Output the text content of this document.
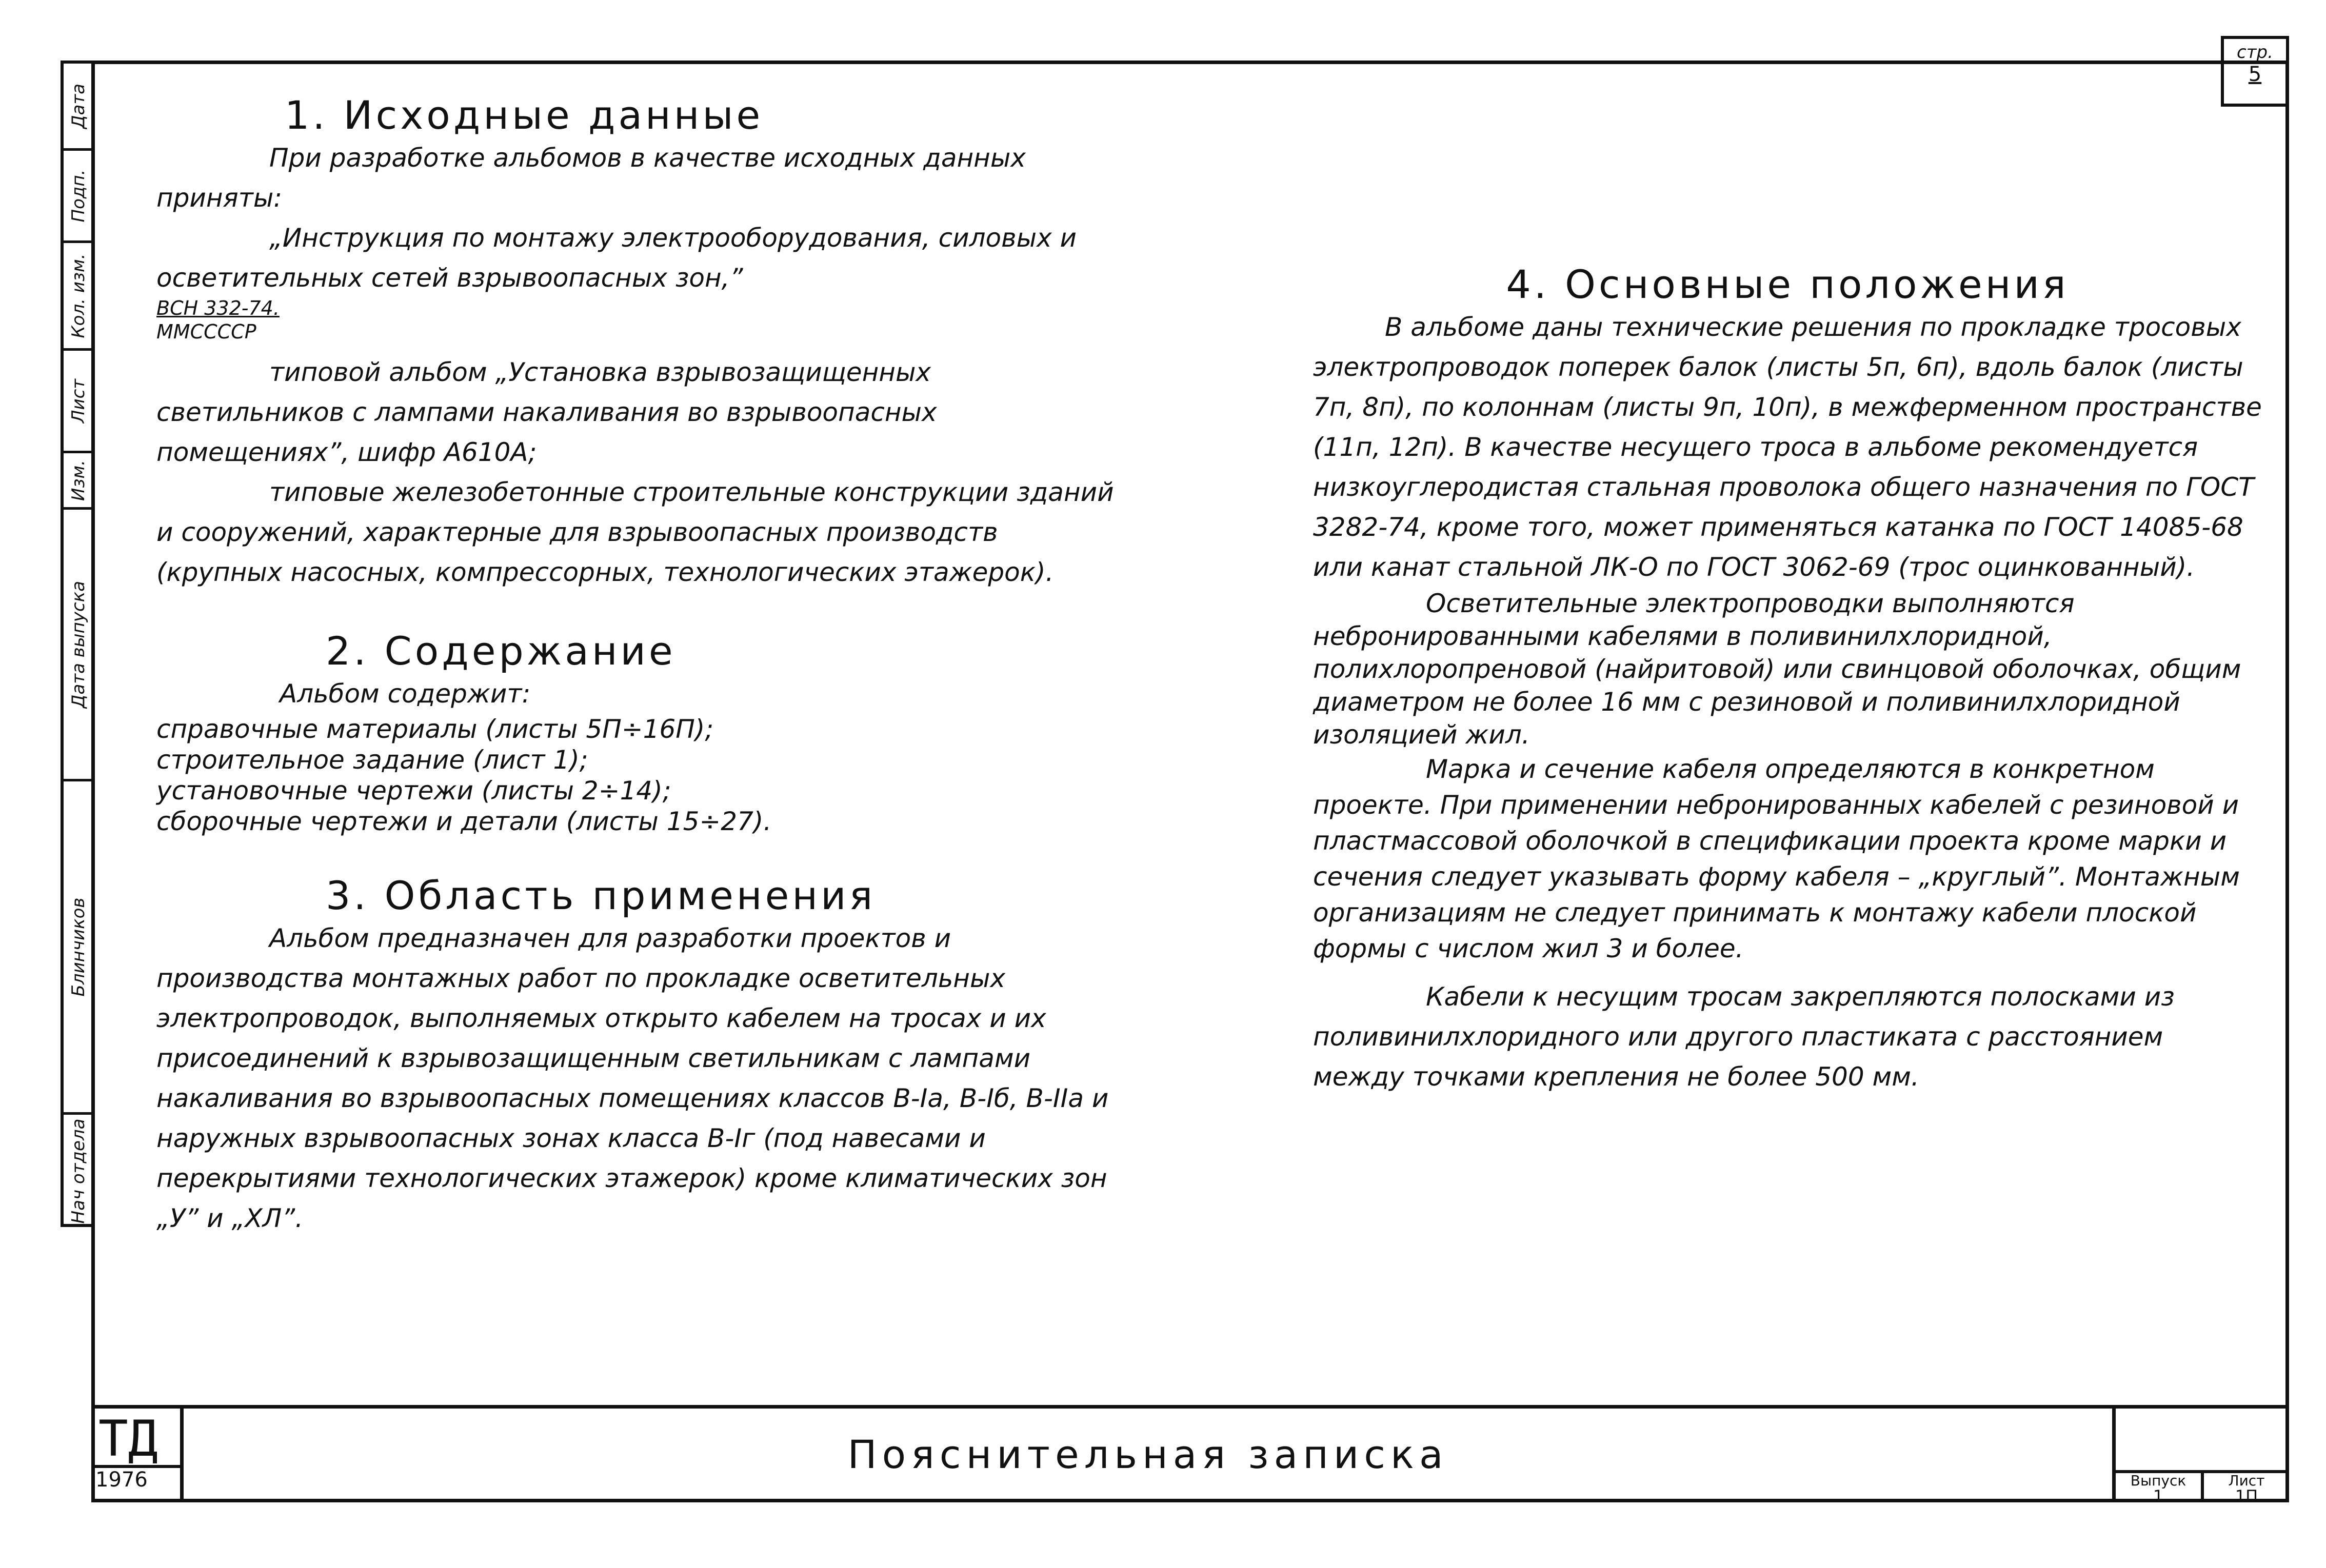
Дата
Подп.
Кол. изм.
Лист
Изм.
Дата выпуска
Блинчиков
Нач отдела
стр.
5
1. Исходные данные

При разработке альбомов в качестве исходных данных приняты:

„Инструкция по монтажу электрооборудования, силовых и осветительных сетей взрывоопасных зон,”

ВСН 332-74.

ММССССР

типовой альбом „Установка взрывозащищенных светильников с лампами накаливания во взрывоопасных помещениях”, шифр А610А;

типовые железобетонные строительные конструкции зданий и сооружений, характерные для взрывоопасных производств (крупных насосных, компрессорных, технологических этажерок).

2. Содержание

Альбом содержит:

справочные материалы (листы 5П÷16П);

строительное задание (лист 1);

установочные чертежи (листы 2÷14);

сборочные чертежи и детали (листы 15÷27).

3. Область применения

Альбом предназначен для разработки проектов и производства монтажных работ по прокладке осветительных электропроводок, выполняемых открыто кабелем на тросах и их присоединений к взрывозащищенным светильникам с лампами накаливания во взрывоопасных помещениях классов В-Іа, В-Іб, В-ІІа и наружных взрывоопасных зонах класса В-Іг (под навесами и перекрытиями технологических этажерок) кроме климатических зон „У” и „ХЛ”.

4. Основные положения

В альбоме даны технические решения по прокладке тросовых электропроводок поперек балок (листы 5п, 6п), вдоль балок (листы 7п, 8п), по колоннам (листы 9п, 10п), в межферменном пространстве (11п, 12п). В качестве несущего троса в альбоме рекомендуется низкоуглеродистая стальная проволока общего назначения по ГОСТ 3282-74, кроме того, может применяться катанка по ГОСТ 14085-68 или канат стальной ЛК-О по ГОСТ 3062-69 (трос оцинкованный).

Осветительные электропроводки выполняются небронированными кабелями в поливинилхлоридной, полихлоропреновой (найритовой) или свинцовой оболочках, общим диаметром не более 16 мм с резиновой и поливинилхлоридной изоляцией жил.

Марка и сечение кабеля определяются в конкретном проекте. При применении небронированных кабелей с резиновой и пластмассовой оболочкой в спецификации проекта кроме марки и сечения следует указывать форму кабеля – „круглый”. Монтажным организациям не следует принимать к монтажу кабели плоской формы с числом жил 3 и более.

Кабели к несущим тросам закрепляются полосками из поливинилхлоридного или другого пластиката с расстоянием между точками крепления не более 500 мм.

ТД
1976
Пояснительная записка
Выпуск
1
Лист
1П
